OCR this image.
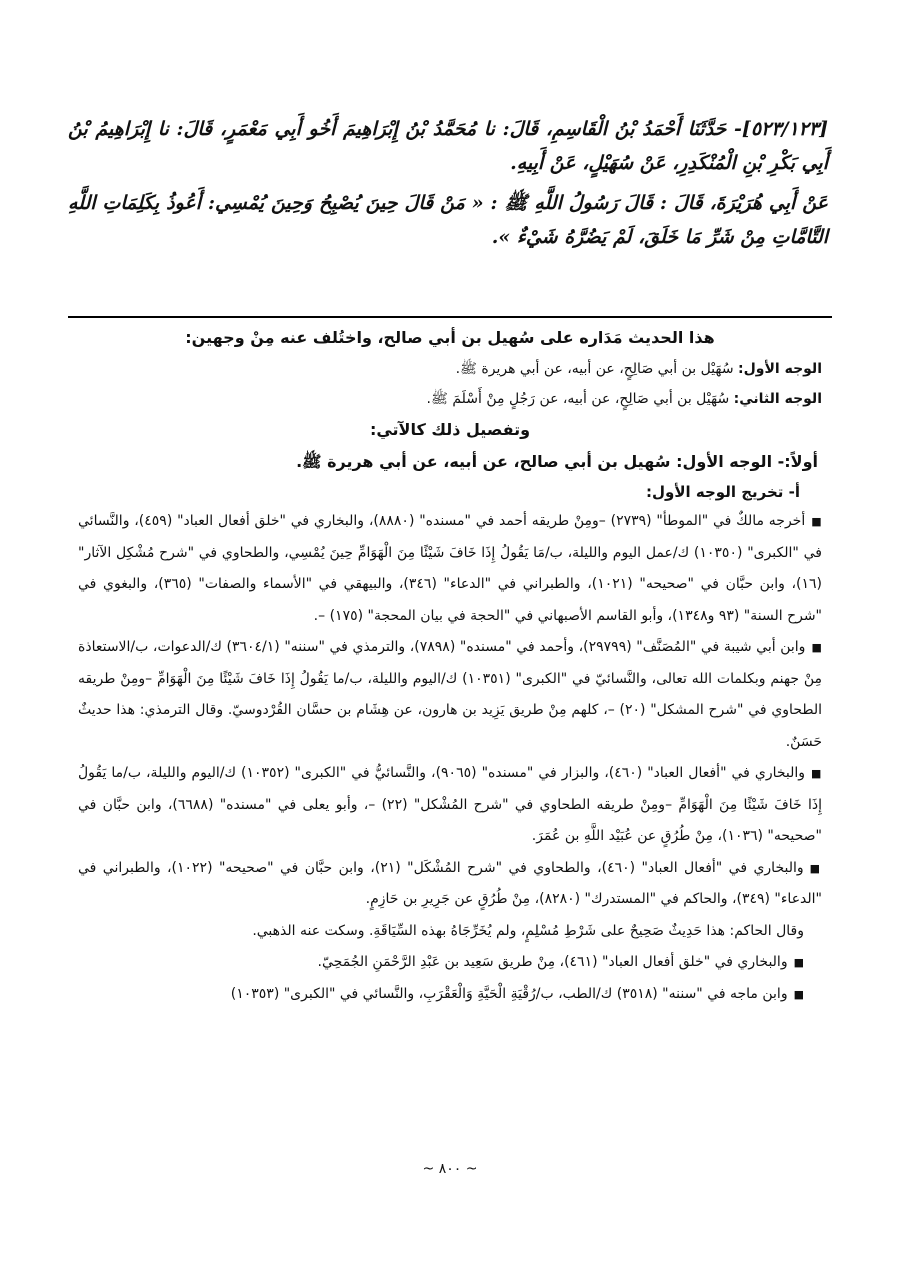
[٥٢٣/١٢٣]- حَدَّثَنَا أَحْمَدُ بْنُ الْقَاسِمِ، قَالَ: نا مُحَمَّدُ بْنُ إِبْرَاهِيمَ أَخُو أَبِي مَعْمَرٍ، قَالَ: نا إِبْرَاهِيمُ بْنُ أَبِي بَكْرِ بْنِ الْمُنْكَدِرِ، عَنْ سُهَيْلٍ، عَنْ أَبِيهِ.

عَنْ أَبِي هُرَيْرَةَ، قَالَ : قَالَ رَسُولُ اللَّهِ ﷺ : « مَنْ قَالَ حِينَ يُصْبِحُ وَحِينَ يُمْسِي: أَعُوذُ بِكَلِمَاتِ اللَّهِ التَّامَّاتِ مِنْ شَرِّ مَا خَلَقَ، لَمْ يَضُرَّهُ شَيْءٌ ».

هذا الحديث مَدَاره على سُهيل بن أبي صالح، واختُلف عنه مِنْ وجهين:

الوجه الأول: سُهَيْل بن أبي صَالِحٍ، عن أبيه، عن أبي هريرة ﷺ.

الوجه الثاني: سُهَيْل بن أبي صَالِحٍ، عن أبيه، عن رَجُلٍ مِنْ أَسْلَمَ ﷺ.

وتفصيل ذلك كالآتي:

أولاً:- الوجه الأول: سُهيل بن أبي صالح، عن أبيه، عن أبي هريرة ﷺ.

أ- تخريج الوجه الأول:

■أخرجه مالكٌ في "الموطأ" (٢٧٣٩) –ومِنْ طريقه أحمد في "مسنده" (٨٨٨٠)، والبخاري في "خلق أفعال العباد" (٤٥٩)، والنَّسائي في "الكبرى" (١٠٣٥٠) ك/عمل اليوم والليلة، ب/مَا يَقُولُ إِذَا خَافَ شَيْئًا مِنَ الْهَوَامِّ حِينَ يُمْسِي، والطحاوي في "شرح مُشْكِل الآثار" (١٦)، وابن حبَّان في "صحيحه" (١٠٢١)، والطبراني في "الدعاء" (٣٤٦)، والبيهقي في "الأسماء والصفات" (٣٦٥)، والبغوي في "شرح السنة" (٩٣ و١٣٤٨)، وأبو القاسم الأصبهاني في "الحجة في بيان المحجة" (١٧٥) –.

■وابن أبي شيبة في "المُصَنَّف" (٢٩٧٩٩)، وأحمد في "مسنده" (٧٨٩٨)، والترمذي في "سننه" (٣٦٠٤/١) ك/الدعوات، ب/الاستعاذة مِنْ جهنم وبكلمات الله تعالى، والنَّسائيّ في "الكبرى" (١٠٣٥١) ك/اليوم والليلة، ب/ما يَقُولُ إِذَا خَافَ شَيْئًا مِنَ الْهَوَامِّ –ومِنْ طريقه الطحاوي في "شرح المشكل" (٢٠) –، كلهم مِنْ طريق يَزِيد بن هارون، عن هِشَام بن حسَّان القُرْدوسيّ. وقال الترمذي: هذا حديثٌ حَسَنٌ.

■والبخاري في "أفعال العباد" (٤٦٠)، والبزار في "مسنده" (٩٠٦٥)، والنَّسائيُّ في "الكبرى" (١٠٣٥٢) ك/اليوم والليلة، ب/ما يَقُولُ إِذَا خَافَ شَيْئًا مِنَ الْهَوَامِّ –ومِنْ طريقه الطحاوي في "شرح المُشْكل" (٢٢) –، وأبو يعلى في "مسنده" (٦٦٨٨)، وابن حبَّان في "صحيحه" (١٠٣٦)، مِنْ طُرُقٍ عن عُبَيْد اللَّهِ بن عُمَرَ.

■والبخاري في "أفعال العباد" (٤٦٠)، والطحاوي في "شرح المُشْكَل" (٢١)، وابن حبَّان في "صحيحه" (١٠٢٢)، والطبراني في "الدعاء" (٣٤٩)، والحاكم في "المستدرك" (٨٢٨٠)، مِنْ طُرُقٍ عن جَرِيرِ بن حَازِمٍ.

وقال الحاكم: هذا حَدِيثٌ صَحِيحٌ على شَرْطِ مُسْلِمٍ، ولم يُخَرِّجَاهُ بهذه السِّيَاقَةِ. وسكت عنه الذهبي.

■والبخاري في "خلق أفعال العباد" (٤٦١)، مِنْ طريق سَعِيد بن عَبْدِ الرَّحْمَنِ الجُمَحِيّ.

■وابن ماجه في "سننه" (٣٥١٨) ك/الطب، ب/رُقْيَةِ الْحَيَّةِ وَالْعَقْرَبِ، والنَّسائي في "الكبرى" (١٠٣٥٣)

~ ٨٠٠ ~
